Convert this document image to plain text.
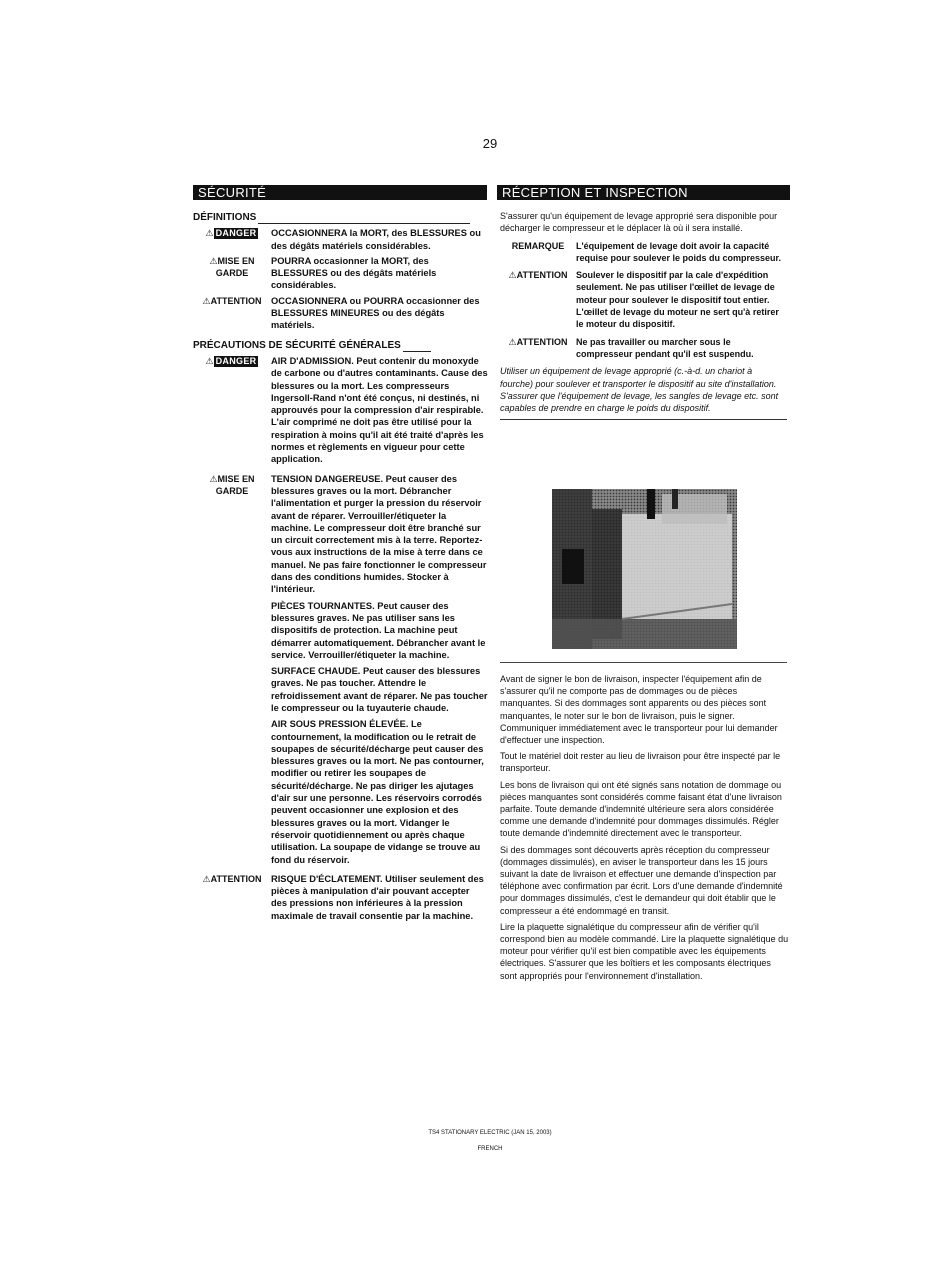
29
SÉCURITÉ	RÉCEPTION ET INSPECTION
DÉFINITIONS
⚠ DANGER	OCCASIONNERA la MORT, des BLESSURES ou des dégâts matériels considérables.
⚠MISE EN GARDE
POURRA occasionner la MORT, des BLESSURES ou des dégâts matériels considérables.
⚠ATTENTION	OCCASIONNERA ou POURRA occasionner des BLESSURES MINEURES ou des dégâts matériels.
PRÉCAUTIONS DE SÉCURITÉ GÉNÉRALES
⚠ DANGER	AIR D'ADMISSION. Peut contenir du monoxyde de carbone ou d'autres contaminants. Cause des blessures ou la mort. Les compresseurs Ingersoll-Rand n'ont été conçus, ni destinés, ni approuvés pour la compression d'air respirable. L'air comprimé ne doit pas être utilisé pour la respiration à moins qu'il ait été traité d'après les normes et règlements en vigueur pour cette application.

⚠MISE EN GARDE

TENSION DANGEREUSE. Peut causer des blessures graves ou la mort. Débrancher l'alimentation et purger la pression du réservoir avant de réparer. Verrouiller/étiqueter la machine. Le compresseur doit être branché sur un circuit correctement mis à la terre. Reportez-vous aux instructions de la mise à terre dans ce manuel. Ne pas faire fonctionner le compresseur dans des conditions humides. Stocker à l'intérieur.

PIÈCES TOURNANTES. Peut causer des blessures graves. Ne pas utiliser sans les dispositifs de protection. La machine peut démarrer automatiquement. Débrancher avant le service. Verrouiller/étiqueter la machine.

SURFACE CHAUDE. Peut causer des blessures graves. Ne pas toucher. Attendre le refroidissement avant de réparer. Ne pas toucher le compresseur ou la tuyauterie chaude.

AIR SOUS PRESSION ÉLEVÉE. Le contournement, la modification ou le retrait de soupapes de sécurité/décharge peut causer des blessures graves ou la mort. Ne pas contourner, modifier ou retirer les soupapes de sécurité/décharge. Ne pas diriger les ajutages d'air sur une personne. Les réservoirs corrodés peuvent occasionner une explosion et des blessures graves ou la mort. Vidanger le réservoir quotidiennement ou après chaque utilisation. La soupape de vidange se trouve au fond du réservoir.

⚠ATTENTION	RISQUE D'ÉCLATEMENT. Utiliser seulement des pièces à manipulation d'air pouvant accepter des pressions non inférieures à la pression maximale de travail consentie par la machine.

S'assurer qu'un équipement de levage approprié sera disponible pour décharger le compresseur et le déplacer là où il sera installé.

REMARQUE	L'équipement de levage doit avoir la capacité requise pour soulever le poids du compresseur.
⚠ATTENTION Soulever le dispositif par la cale d'expédition seulement. Ne pas utiliser l'œillet de levage de moteur pour soulever le dispositif tout entier. L'œillet de levage du moteur ne sert qu'à retirer le moteur du dispositif.
⚠ATTENTION Ne pas travailler ou marcher sous le compresseur pendant qu'il est suspendu.

Utiliser un équipement de levage approprié (c.-à-d. un chariot à fourche) pour soulever et transporter le dispositif au site d'installation. S'assurer que l'équipement de levage, les sangles de levage etc. sont capables de prendre en charge le poids du dispositif.

Avant de signer le bon de livraison, inspecter l'équipement afin de s'assurer qu'il ne comporte pas de dommages ou de pièces manquantes. Si des dommages sont apparents ou des pièces sont manquantes, le noter sur le bon de livraison, puis le signer. Communiquer immédiatement avec le transporteur pour lui demander d'effectuer une inspection.

Tout le matériel doit rester au lieu de livraison pour être inspecté par le transporteur.

Les bons de livraison qui ont été signés sans notation de dommage ou pièces manquantes sont considérés comme faisant état d'une livraison parfaite. Toute demande d'indemnité ultérieure sera alors considérée comme une demande d'indemnité pour dommages dissimulés. Régler toute demande d'indemnité directement avec le transporteur.

Si des dommages sont découverts après réception du compresseur (dommages dissimulés), en aviser le transporteur dans les 15 jours suivant la date de livraison et effectuer une demande d'inspection par téléphone avec confirmation par écrit. Lors d'une demande d'indemnité pour dommages dissimulés, c'est le demandeur qui doit établir que le compresseur a été endommagé en transit.

Lire la plaquette signalétique du compresseur afin de vérifier qu'il correspond bien au modèle commandé. Lire la plaquette signalétique du moteur pour vérifier qu'il est bien compatible avec les équipements électriques. S'assurer que les boîtiers et les composants électriques sont appropriés pour l'environnement d'installation.

TS4 STATIONARY ELECTRIC (JAN 15, 2003)
FRENCH
